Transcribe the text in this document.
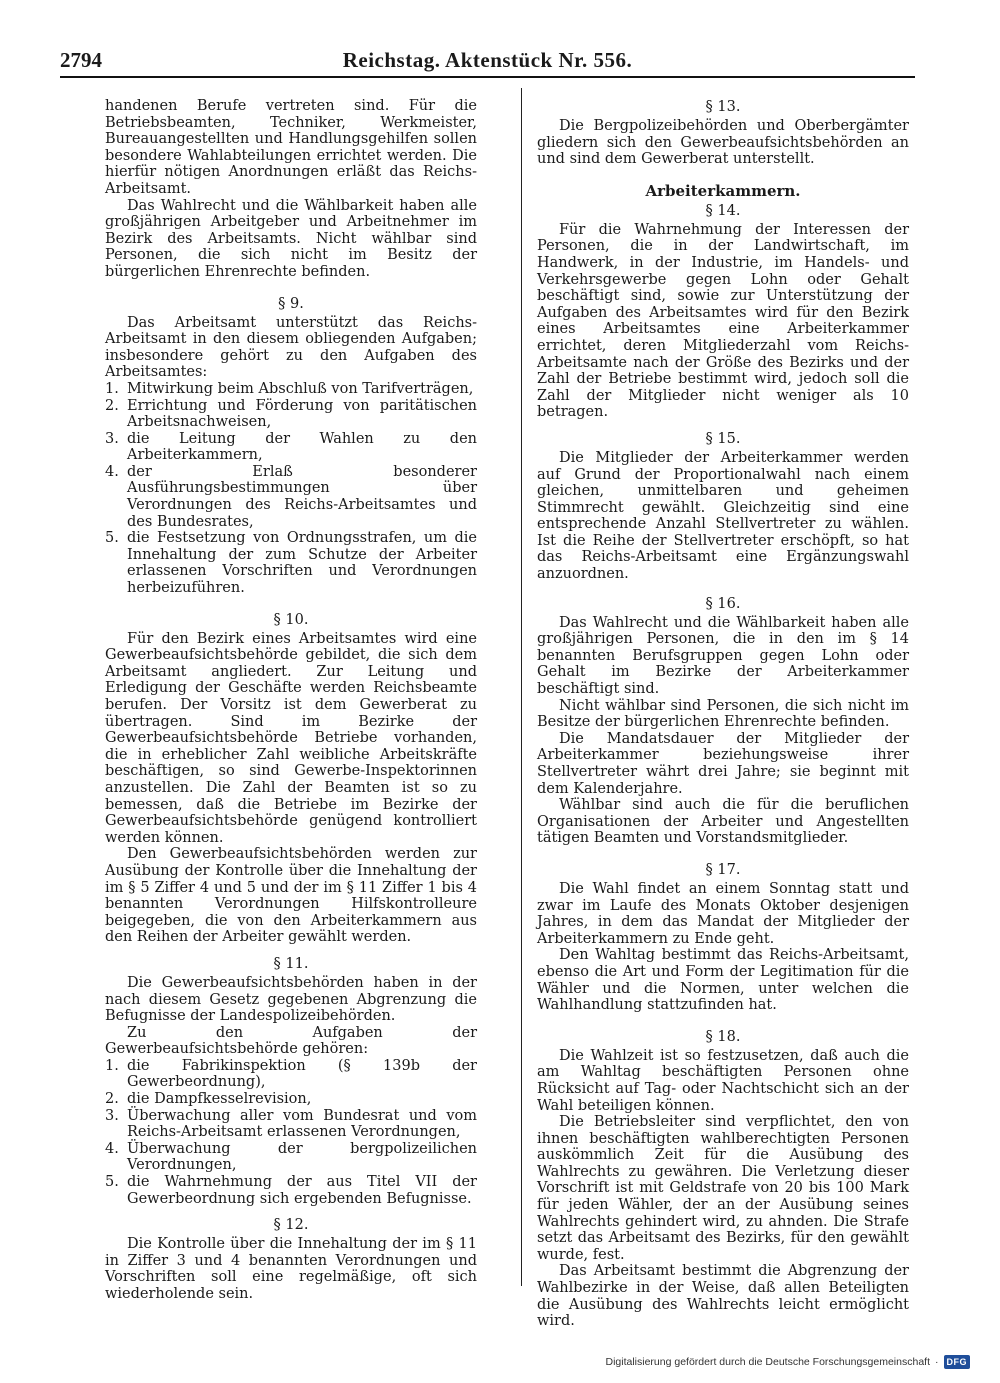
2794	Reichstag. Aktenstück Nr. 556.

handenen Berufe vertreten sind. Für die Betriebsbeamten, Techniker, Werkmeister, Bureauangestellten und Handlungsgehilfen sollen besondere Wahlabteilungen errichtet werden. Die hierfür nötigen Anordnungen erläßt das Reichs-Arbeitsamt.

Das Wahlrecht und die Wählbarkeit haben alle großjährigen Arbeitgeber und Arbeitnehmer im Bezirk des Arbeitsamts. Nicht wählbar sind Personen, die sich nicht im Besitz der bürgerlichen Ehrenrechte befinden.

§ 9.

Das Arbeitsamt unterstützt das Reichs-Arbeitsamt in den diesem obliegenden Aufgaben; insbesondere gehört zu den Aufgaben des Arbeitsamtes:

1. Mitwirkung beim Abschluß von Tarifverträgen,
2. Errichtung und Förderung von paritätischen Arbeitsnachweisen,
3. die Leitung der Wahlen zu den Arbeiterkammern,
4. der Erlaß besonderer Ausführungsbestimmungen über Verordnungen des Reichs-Arbeitsamtes und des Bundesrates,
5. die Festsetzung von Ordnungsstrafen, um die Innehaltung der zum Schutze der Arbeiter erlassenen Vorschriften und Verordnungen herbeizuführen.
§ 10.

Für den Bezirk eines Arbeitsamtes wird eine Gewerbeaufsichtsbehörde gebildet, die sich dem Arbeitsamt angliedert. Zur Leitung und Erledigung der Geschäfte werden Reichsbeamte berufen. Der Vorsitz ist dem Gewerberat zu übertragen. Sind im Bezirke der Gewerbeaufsichtsbehörde Betriebe vorhanden, die in erheblicher Zahl weibliche Arbeitskräfte beschäftigen, so sind Gewerbe-Inspektorinnen anzustellen. Die Zahl der Beamten ist so zu bemessen, daß die Betriebe im Bezirke der Gewerbeaufsichtsbehörde genügend kontrolliert werden können.

Den Gewerbeaufsichtsbehörden werden zur Ausübung der Kontrolle über die Innehaltung der im § 5 Ziffer 4 und 5 und der im § 11 Ziffer 1 bis 4 benannten Verordnungen Hilfskontrolleure beigegeben, die von den Arbeiterkammern aus den Reihen der Arbeiter gewählt werden.

§ 11.

Die Gewerbeaufsichtsbehörden haben in der nach diesem Gesetz gegebenen Abgrenzung die Befugnisse der Landespolizeibehörden.

Zu den Aufgaben der Gewerbeaufsichtsbehörde gehören:

1. die Fabrikinspektion (§ 139b der Gewerbeordnung),
2. die Dampfkesselrevision,
3. Überwachung aller vom Bundesrat und vom Reichs-Arbeitsamt erlassenen Verordnungen,
4. Überwachung der bergpolizeilichen Verordnungen,
5. die Wahrnehmung der aus Titel VII der Gewerbeordnung sich ergebenden Befugnisse.
§ 12.

Die Kontrolle über die Innehaltung der im § 11 in Ziffer 3 und 4 benannten Verordnungen und Vorschriften soll eine regelmäßige, oft sich wiederholende sein.

§ 13.

Die Bergpolizeibehörden und Oberbergämter gliedern sich den Gewerbeaufsichtsbehörden an und sind dem Gewerberat unterstellt.

Arbeiterkammern.
§ 14.

Für die Wahrnehmung der Interessen der Personen, die in der Landwirtschaft, im Handwerk, in der Industrie, im Handels- und Verkehrsgewerbe gegen Lohn oder Gehalt beschäftigt sind, sowie zur Unterstützung der Aufgaben des Arbeitsamtes wird für den Bezirk eines Arbeitsamtes eine Arbeiterkammer errichtet, deren Mitgliederzahl vom Reichs-Arbeitsamte nach der Größe des Bezirks und der Zahl der Betriebe bestimmt wird, jedoch soll die Zahl der Mitglieder nicht weniger als 10 betragen.

§ 15.

Die Mitglieder der Arbeiterkammer werden auf Grund der Proportionalwahl nach einem gleichen, unmittelbaren und geheimen Stimmrecht gewählt. Gleichzeitig sind eine entsprechende Anzahl Stellvertreter zu wählen. Ist die Reihe der Stellvertreter erschöpft, so hat das Reichs-Arbeitsamt eine Ergänzungswahl anzuordnen.

§ 16.

Das Wahlrecht und die Wählbarkeit haben alle großjährigen Personen, die in den im § 14 benannten Berufsgruppen gegen Lohn oder Gehalt im Bezirke der Arbeiterkammer beschäftigt sind.

Nicht wählbar sind Personen, die sich nicht im Besitze der bürgerlichen Ehrenrechte befinden.

Die Mandatsdauer der Mitglieder der Arbeiterkammer beziehungsweise ihrer Stellvertreter währt drei Jahre; sie beginnt mit dem Kalenderjahre.

Wählbar sind auch die für die beruflichen Organisationen der Arbeiter und Angestellten tätigen Beamten und Vorstandsmitglieder.

§ 17.

Die Wahl findet an einem Sonntag statt und zwar im Laufe des Monats Oktober desjenigen Jahres, in dem das Mandat der Mitglieder der Arbeiterkammern zu Ende geht.

Den Wahltag bestimmt das Reichs-Arbeitsamt, ebenso die Art und Form der Legitimation für die Wähler und die Normen, unter welchen die Wahlhandlung stattzufinden hat.

§ 18.

Die Wahlzeit ist so festzusetzen, daß auch die am Wahltag beschäftigten Personen ohne Rücksicht auf Tag- oder Nachtschicht sich an der Wahl beteiligen können.

Die Betriebsleiter sind verpflichtet, den von ihnen beschäftigten wahlberechtigten Personen auskömmlich Zeit für die Ausübung des Wahlrechts zu gewähren. Die Verletzung dieser Vorschrift ist mit Geldstrafe von 20 bis 100 Mark für jeden Wähler, der an der Ausübung seines Wahlrechts gehindert wird, zu ahnden. Die Strafe setzt das Arbeitsamt des Bezirks, für den gewählt wurde, fest.

Das Arbeitsamt bestimmt die Abgrenzung der Wahlbezirke in der Weise, daß allen Beteiligten die Ausübung des Wahlrechts leicht ermöglicht wird.

Digitalisierung gefördert durch die Deutsche Forschungsgemeinschaft · DFG
